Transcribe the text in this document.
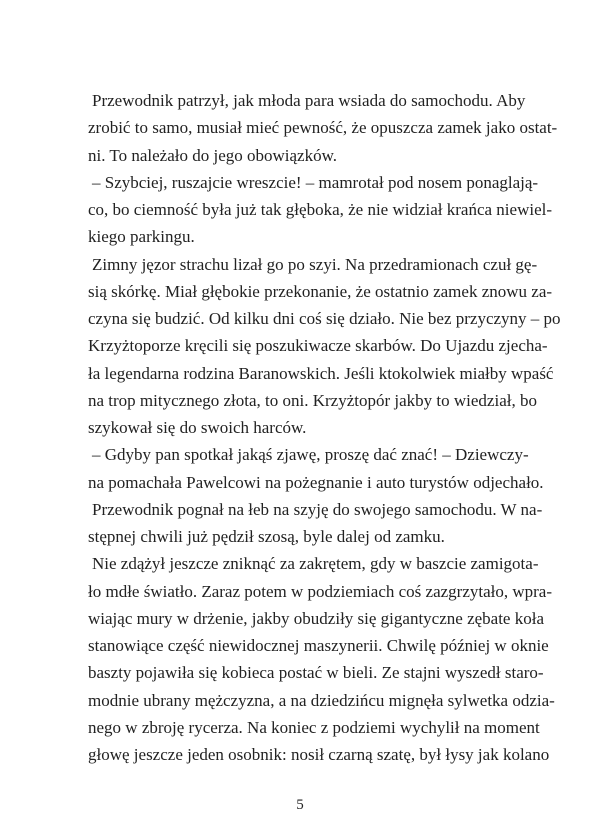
Przewodnik patrzył, jak młoda para wsiada do samochodu. Aby
zrobić to samo, musiał mieć pewność, że opuszcza zamek jako ostat-
ni. To należało do jego obowiązków.
– Szybciej, ruszajcie wreszcie! – mamrotał pod nosem ponaglają-
co, bo ciemność była już tak głęboka, że nie widział krańca niewiel-
kiego parkingu.
Zimny jęzor strachu lizał go po szyi. Na przedramionach czuł gę-
sią skórkę. Miał głębokie przekonanie, że ostatnio zamek znowu za-
czyna się budzić. Od kilku dni coś się działo. Nie bez przyczyny – po
Krzyżtoporze kręcili się poszukiwacze skarbów. Do Ujazdu zjecha-
ła legendarna rodzina Baranowskich. Jeśli ktokolwiek miałby wpaść
na trop mitycznego złota, to oni. Krzyżtopór jakby to wiedział, bo
szykował się do swoich harców.
– Gdyby pan spotkał jakąś zjawę, proszę dać znać! – Dziewczy-
na pomachała Pawelcowi na pożegnanie i auto turystów odjechało.
Przewodnik pognał na łeb na szyję do swojego samochodu. W na-
stępnej chwili już pędził szosą, byle dalej od zamku.
Nie zdążył jeszcze zniknąć za zakrętem, gdy w baszcie zamigota-
ło mdłe światło. Zaraz potem w podziemiach coś zazgrzytało, wpra-
wiając mury w drżenie, jakby obudziły się gigantyczne zębate koła
stanowiące część niewidocznej maszynerii. Chwilę później w oknie
baszty pojawiła się kobieca postać w bieli. Ze stajni wyszedł staro-
modnie ubrany mężczyzna, a na dziedzińcu mignęła sylwetka odzia-
nego w zbroję rycerza. Na koniec z podziemi wychylił na moment
głowę jeszcze jeden osobnik: nosił czarną szatę, był łysy jak kolano
5
